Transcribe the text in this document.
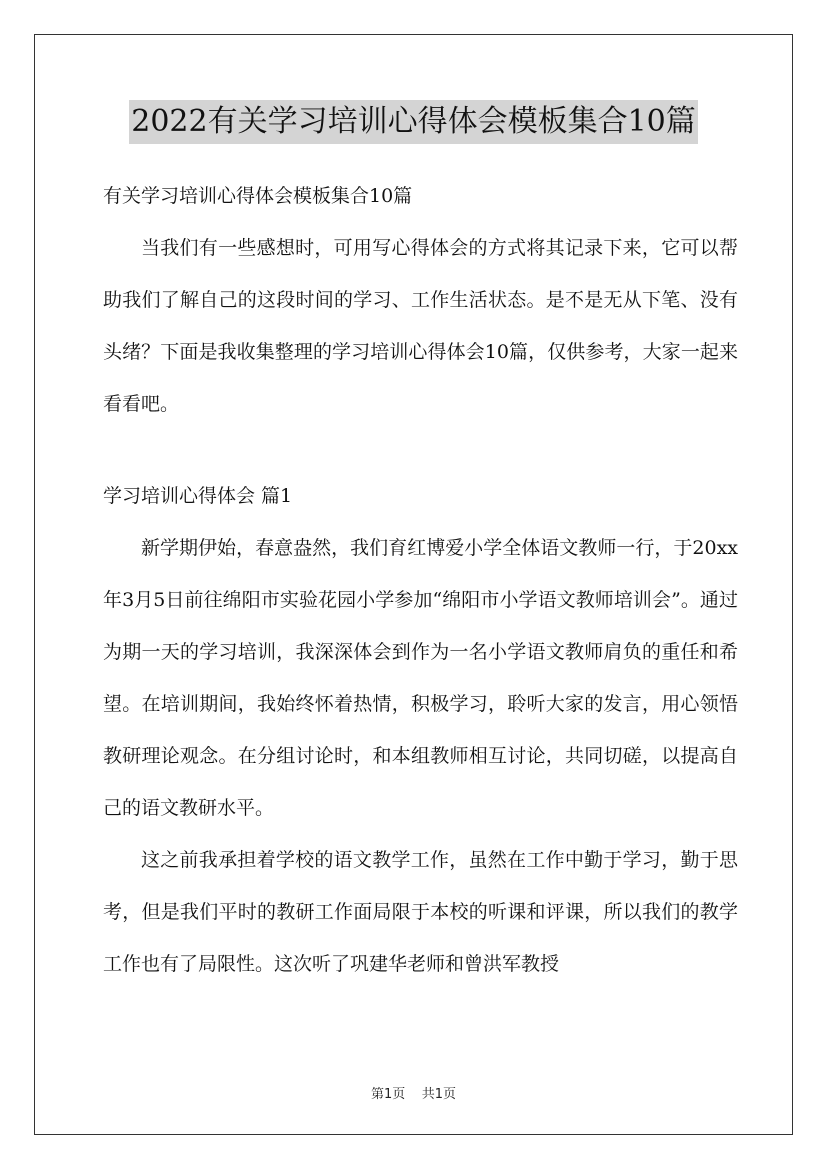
2022有关学习培训心得体会模板集合10篇

有关学习培训心得体会模板集合10篇

当我们有一些感想时，可用写心得体会的方式将其记录下来，它可以帮助我们了解自己的这段时间的学习、工作生活状态。是不是无从下笔、没有头绪？下面是我收集整理的学习培训心得体会10篇，仅供参考，大家一起来看看吧。

学习培训心得体会 篇1

新学期伊始，春意盎然，我们育红博爱小学全体语文教师一行，于20xx年3月5日前往绵阳市实验花园小学参加“绵阳市小学语文教师培训会”。通过为期一天的学习培训，我深深体会到作为一名小学语文教师肩负的重任和希望。在培训期间，我始终怀着热情，积极学习，聆听大家的发言，用心领悟教研理论观念。在分组讨论时，和本组教师相互讨论，共同切磋，以提高自己的语文教研水平。

这之前我承担着学校的语文教学工作，虽然在工作中勤于学习，勤于思考，但是我们平时的教研工作面局限于本校的听课和评课，所以我们的教学工作也有了局限性。这次听了巩建华老师和曾洪军教授

第1页 共1页
